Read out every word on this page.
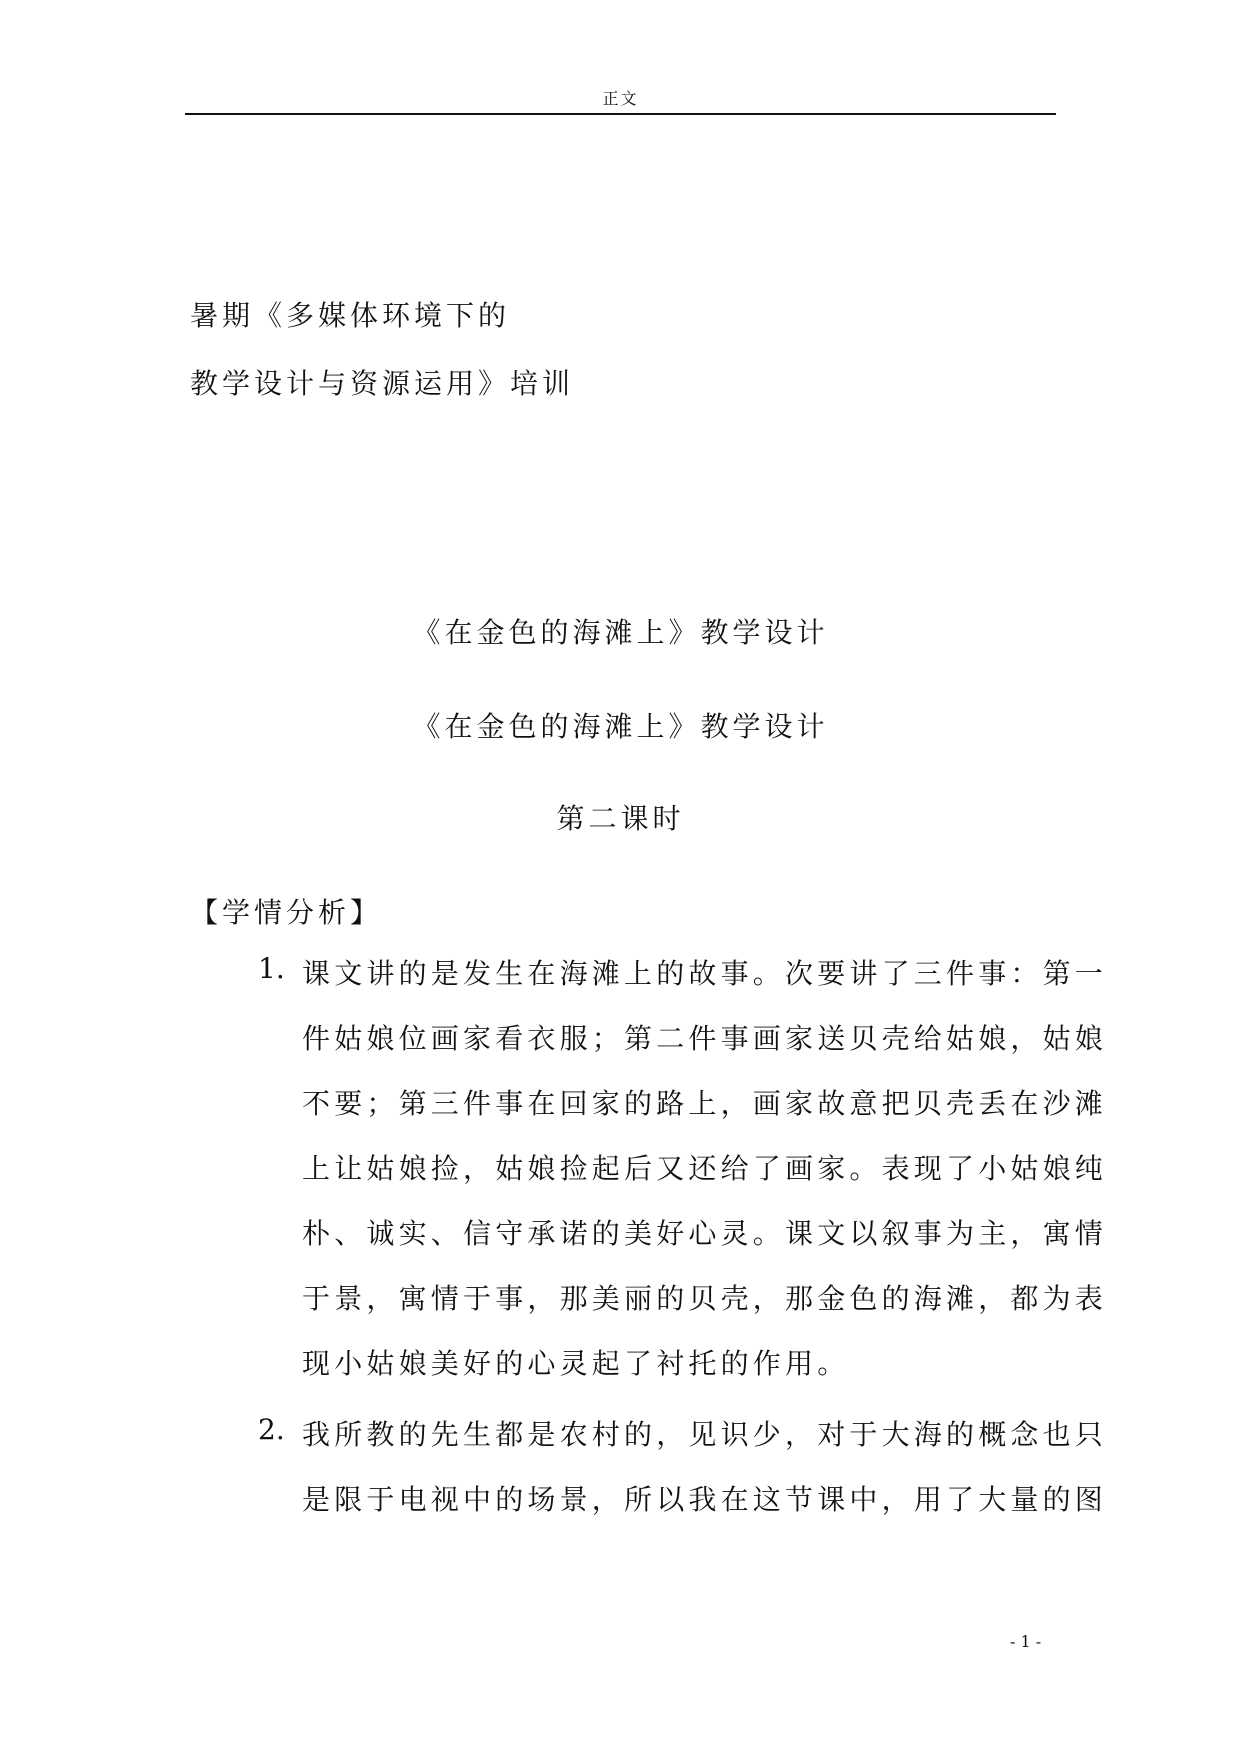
正文
暑期《多媒体环境下的
教学设计与资源运用》培训
《在金色的海滩上》教学设计
《在金色的海滩上》教学设计
第二课时
【学情分析】
1. 课文讲的是发生在海滩上的故事。次要讲了三件事：第一
件姑娘位画家看衣服；第二件事画家送贝壳给姑娘，姑娘
不要；第三件事在回家的路上，画家故意把贝壳丢在沙滩
上让姑娘捡，姑娘捡起后又还给了画家。表现了小姑娘纯
朴、诚实、信守承诺的美好心灵。课文以叙事为主，寓情
于景，寓情于事，那美丽的贝壳，那金色的海滩，都为表
现小姑娘美好的心灵起了衬托的作用。
2. 我所教的先生都是农村的，见识少，对于大海的概念也只
是限于电视中的场景，所以我在这节课中，用了大量的图
- 1 -
